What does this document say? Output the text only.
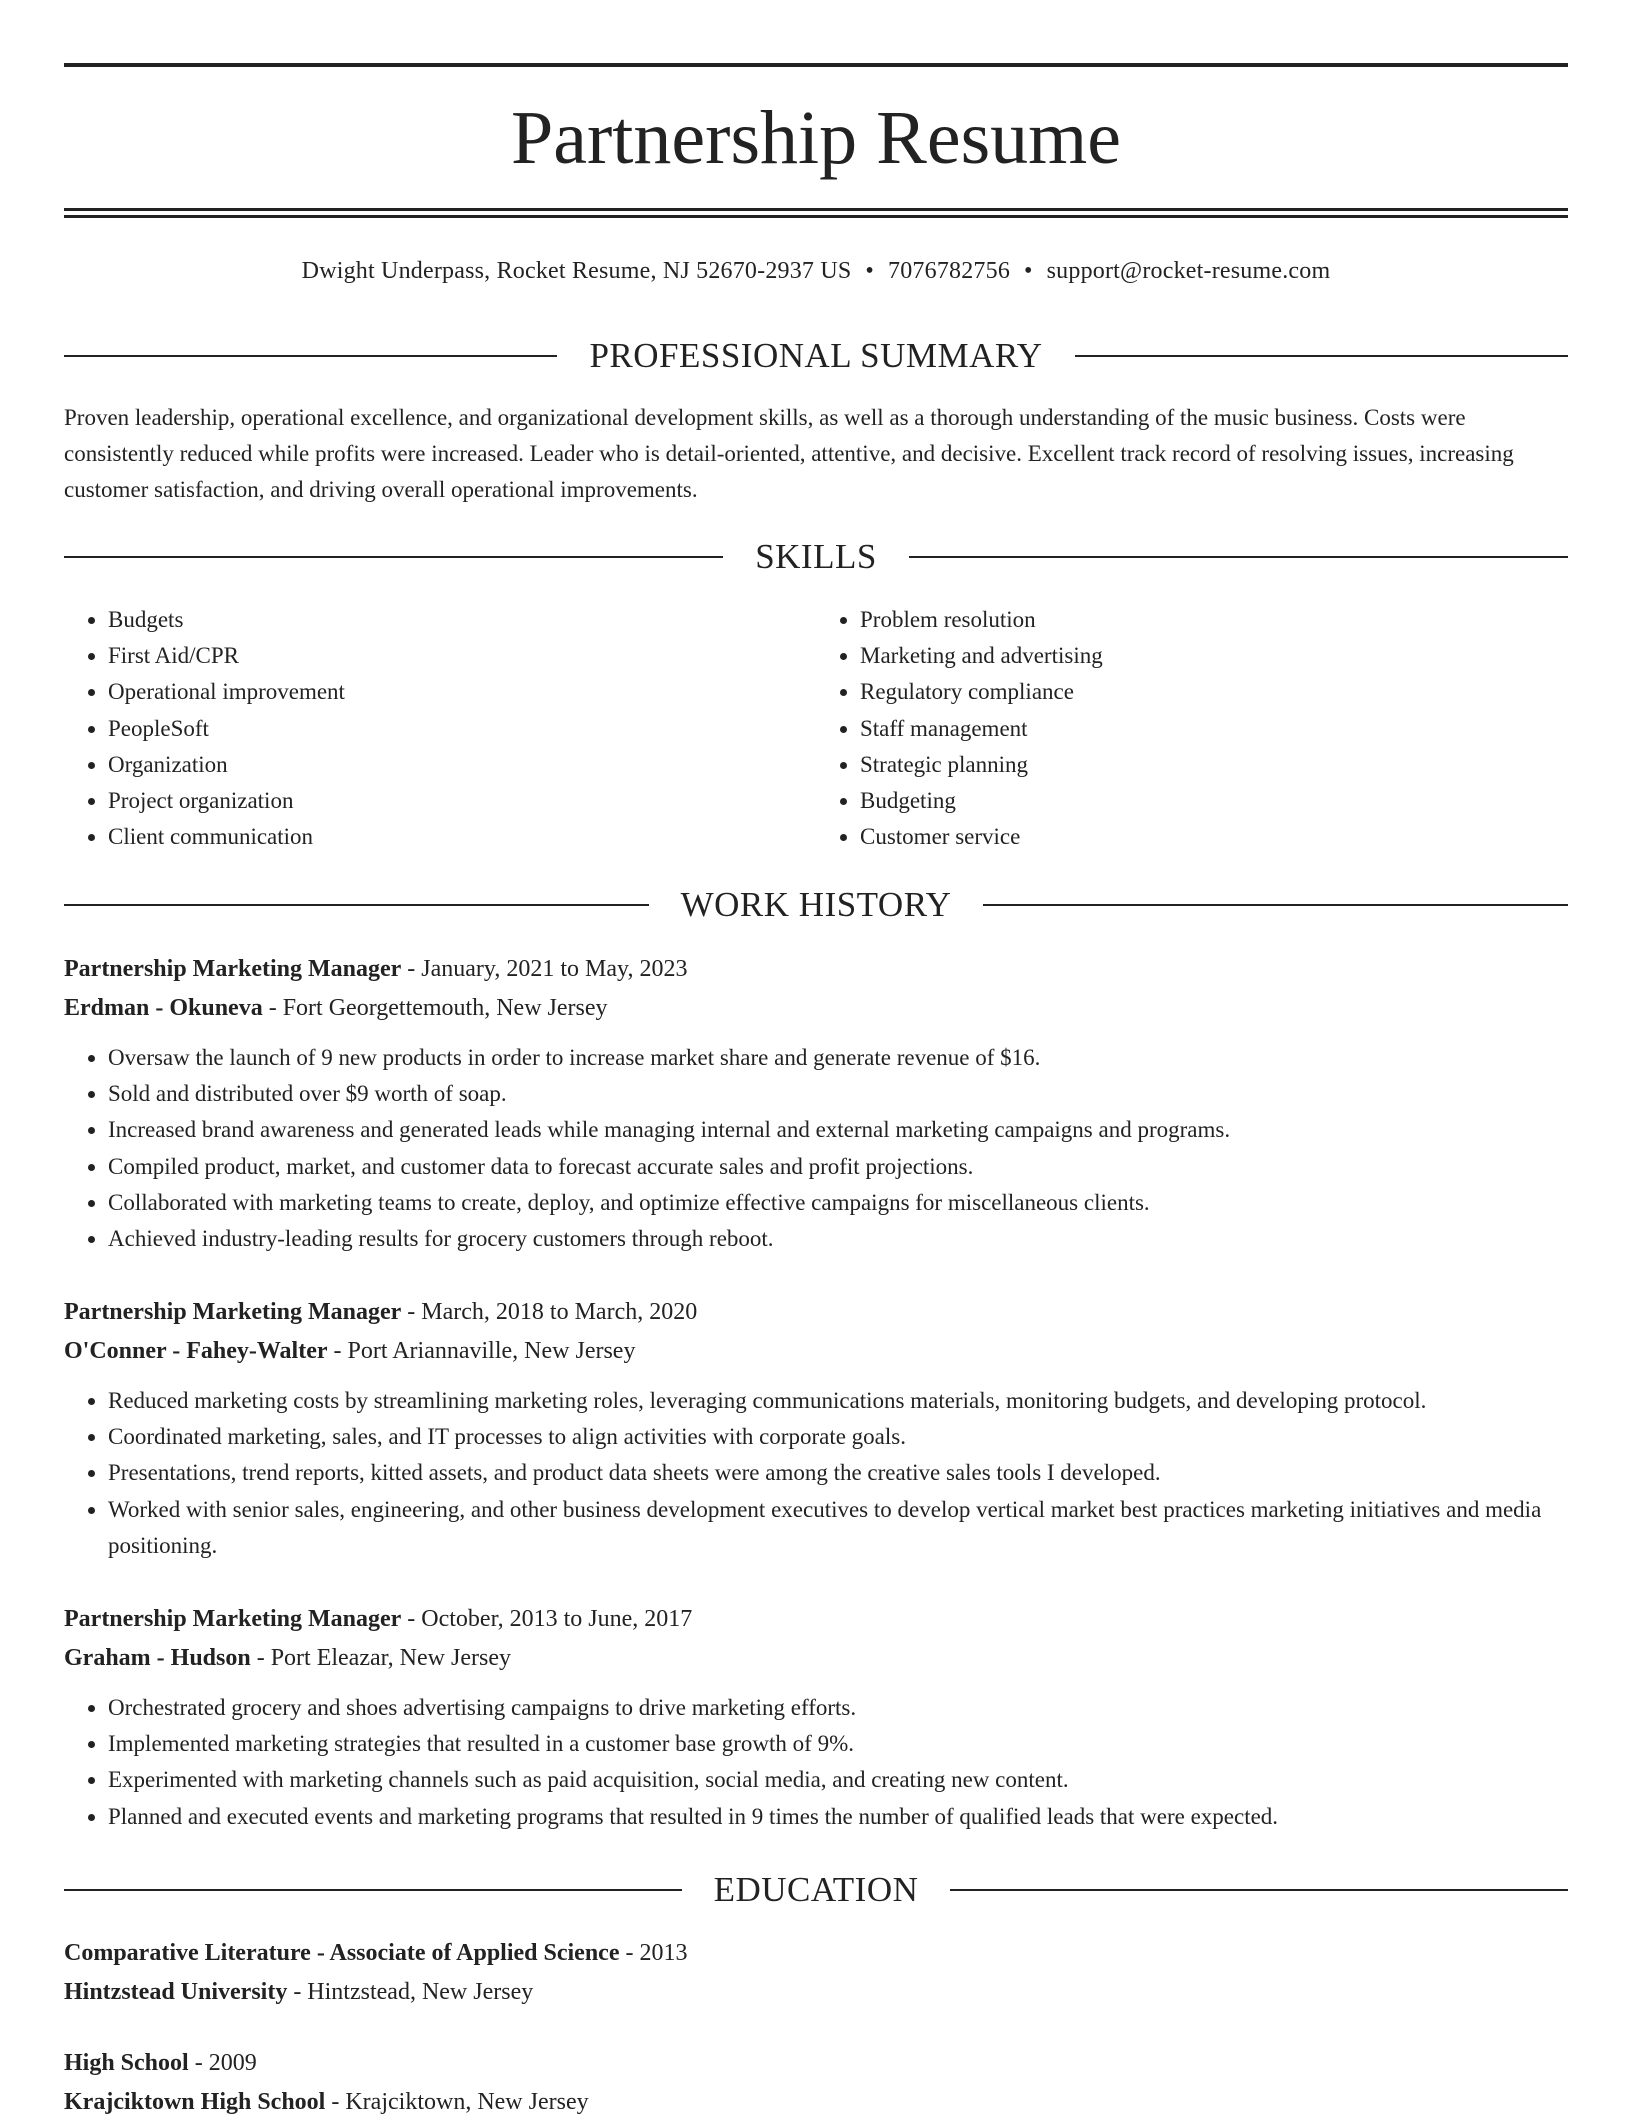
Partnership Resume
Dwight Underpass, Rocket Resume, NJ 52670-2937 US • 7076782756 • support@rocket-resume.com
PROFESSIONAL SUMMARY

Proven leadership, operational excellence, and organizational development skills, as well as a thorough understanding of the music business. Costs were consistently reduced while profits were increased. Leader who is detail-oriented, attentive, and decisive. Excellent track record of resolving issues, increasing customer satisfaction, and driving overall operational improvements.

SKILLS
• Budgets
• First Aid/CPR
• Operational improvement
• PeopleSoft
• Organization
• Project organization
• Client communication
• Problem resolution
• Marketing and advertising
• Regulatory compliance
• Staff management
• Strategic planning
• Budgeting
• Customer service
WORK HISTORY
Partnership Marketing Manager - January, 2021 to May, 2023
Erdman - Okuneva - Fort Georgettemouth, New Jersey
• Oversaw the launch of 9 new products in order to increase market share and generate revenue of $16.
• Sold and distributed over $9 worth of soap.
• Increased brand awareness and generated leads while managing internal and external marketing campaigns and programs.
• Compiled product, market, and customer data to forecast accurate sales and profit projections.
• Collaborated with marketing teams to create, deploy, and optimize effective campaigns for miscellaneous clients.
• Achieved industry-leading results for grocery customers through reboot.
Partnership Marketing Manager - March, 2018 to March, 2020
O'Conner - Fahey-Walter - Port Ariannaville, New Jersey
• Reduced marketing costs by streamlining marketing roles, leveraging communications materials, monitoring budgets, and developing protocol.
• Coordinated marketing, sales, and IT processes to align activities with corporate goals.
• Presentations, trend reports, kitted assets, and product data sheets were among the creative sales tools I developed.
• Worked with senior sales, engineering, and other business development executives to develop vertical market best practices marketing initiatives and media positioning.
Partnership Marketing Manager - October, 2013 to June, 2017
Graham - Hudson - Port Eleazar, New Jersey
• Orchestrated grocery and shoes advertising campaigns to drive marketing efforts.
• Implemented marketing strategies that resulted in a customer base growth of 9%.
• Experimented with marketing channels such as paid acquisition, social media, and creating new content.
• Planned and executed events and marketing programs that resulted in 9 times the number of qualified leads that were expected.
EDUCATION
Comparative Literature - Associate of Applied Science - 2013
Hintzstead University - Hintzstead, New Jersey
High School - 2009
Krajciktown High School - Krajciktown, New Jersey
